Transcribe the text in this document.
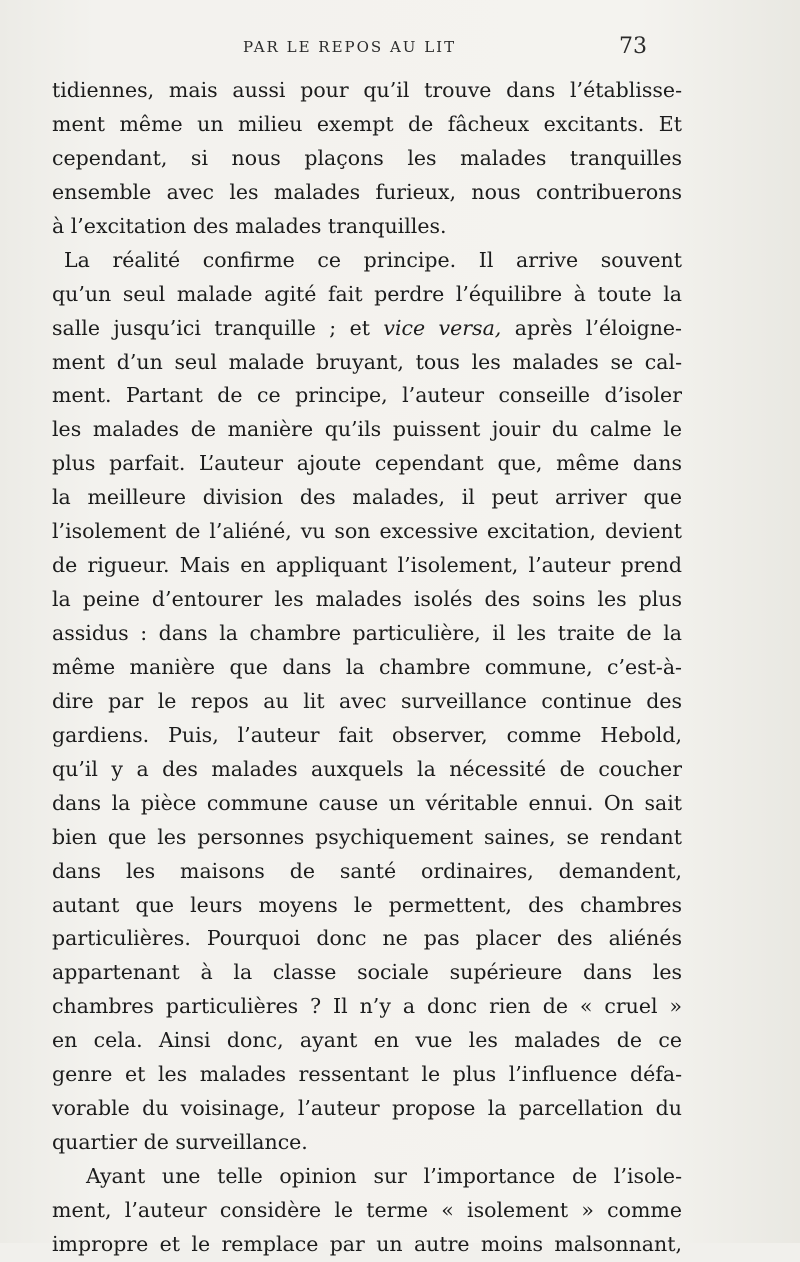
PAR LE REPOS AU LIT	73
tidiennes, mais aussi pour qu’il trouve dans l’établisse-
ment même un milieu exempt de fâcheux excitants. Et
cependant, si nous plaçons les malades tranquilles
ensemble avec les malades furieux, nous contribuerons
à l’excitation des malades tranquilles.
La réalité confirme ce principe. Il arrive souvent
qu’un seul malade agité fait perdre l’équilibre à toute la
salle jusqu’ici tranquille ; et vice versa, après l’éloigne-
ment d’un seul malade bruyant, tous les malades se cal-
ment. Partant de ce principe, l’auteur conseille d’isoler
les malades de manière qu’ils puissent jouir du calme le
plus parfait. L’auteur ajoute cependant que, même dans
la meilleure division des malades, il peut arriver que
l’isolement de l’aliéné, vu son excessive excitation, devient
de rigueur. Mais en appliquant l’isolement, l’auteur prend
la peine d’entourer les malades isolés des soins les plus
assidus : dans la chambre particulière, il les traite de la
même manière que dans la chambre commune, c’est-à-
dire par le repos au lit avec surveillance continue des
gardiens. Puis, l’auteur fait observer, comme Hebold,
qu’il y a des malades auxquels la nécessité de coucher
dans la pièce commune cause un véritable ennui. On sait
bien que les personnes psychiquement saines, se rendant
dans les maisons de santé ordinaires, demandent,
autant que leurs moyens le permettent, des chambres
particulières. Pourquoi donc ne pas placer des aliénés
appartenant à la classe sociale supérieure dans les
chambres particulières ? Il n’y a donc rien de « cruel »
en cela. Ainsi donc, ayant en vue les malades de ce
genre et les malades ressentant le plus l’influence défa-
vorable du voisinage, l’auteur propose la parcellation du
quartier de surveillance.
Ayant une telle opinion sur l’importance de l’isole-
ment, l’auteur considère le terme « isolement » comme
impropre et le remplace par un autre moins malsonnant,
